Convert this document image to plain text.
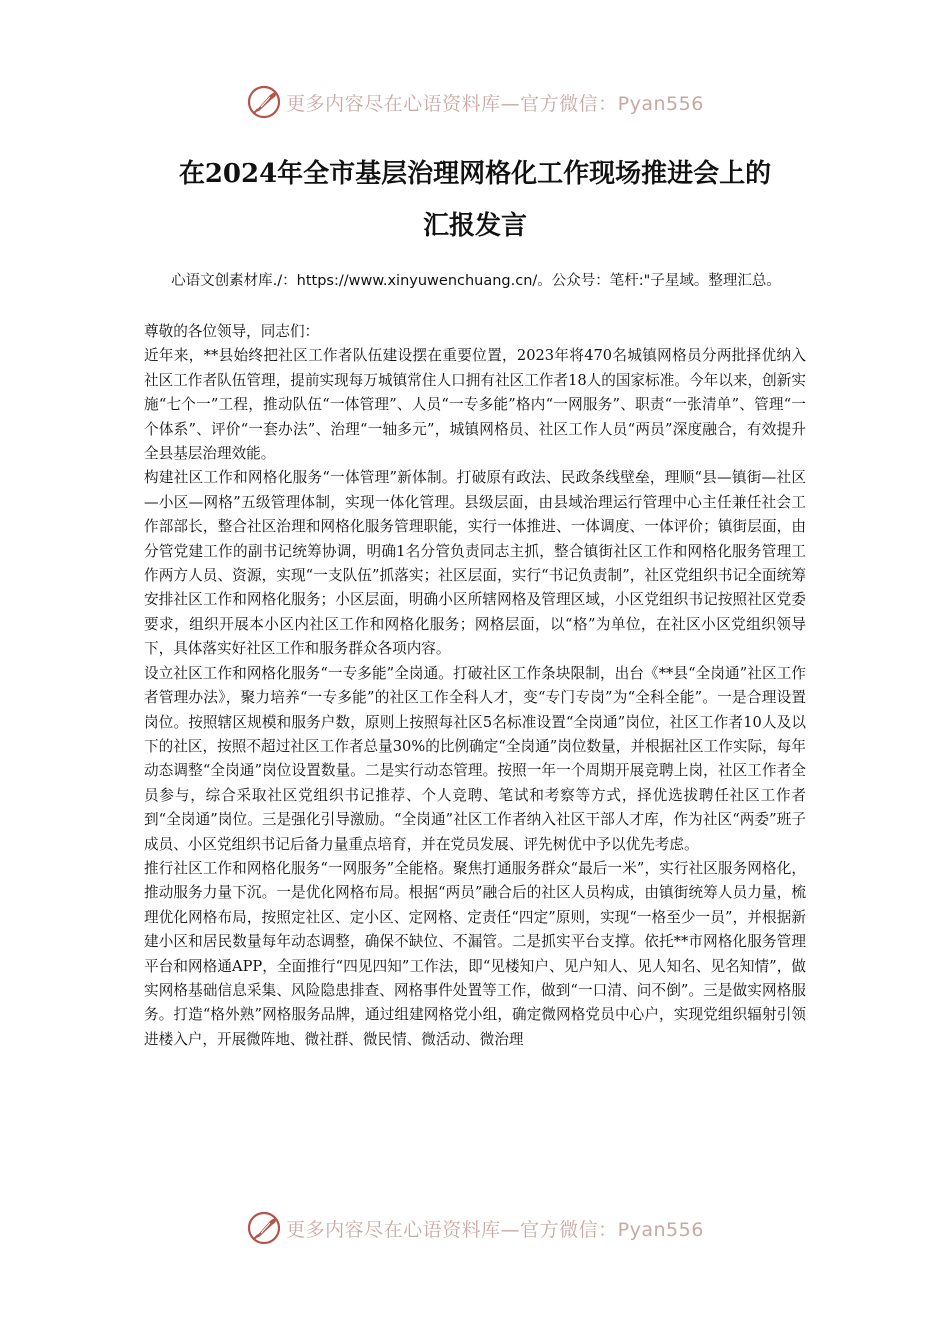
更多内容尽在心语资料库—官方微信：Pyan556
在2024年全市基层治理网格化工作现场推进会上的
汇报发言
心语文创素材库./：https://www.xinyuwenchuang.cn/。公众号：笔杆:"子星域。整理汇总。

尊敬的各位领导，同志们：

近年来，**县始终把社区工作者队伍建设摆在重要位置，2023年将470名城镇网格员分两批择优纳入社区工作者队伍管理，提前实现每万城镇常住人口拥有社区工作者18人的国家标准。今年以来，创新实施“七个一”工程，推动队伍“一体管理”、人员“一专多能”格内“一网服务”、职责“一张清单”、管理“一个体系”、评价“一套办法”、治理“一轴多元”，城镇网格员、社区工作人员“两员”深度融合，有效提升全县基层治理效能。

构建社区工作和网格化服务“一体管理”新体制。打破原有政法、民政条线壁垒，理顺“县—镇街—社区—小区—网格”五级管理体制，实现一体化管理。县级层面，由县域治理运行管理中心主任兼任社会工作部部长，整合社区治理和网格化服务管理职能，实行一体推进、一体调度、一体评价；镇街层面，由分管党建工作的副书记统筹协调，明确1名分管负责同志主抓，整合镇街社区工作和网格化服务管理工作两方人员、资源，实现“一支队伍”抓落实；社区层面，实行“书记负责制”，社区党组织书记全面统筹安排社区工作和网格化服务；小区层面，明确小区所辖网格及管理区域，小区党组织书记按照社区党委要求，组织开展本小区内社区工作和网格化服务；网格层面，以“格”为单位，在社区小区党组织领导下，具体落实好社区工作和服务群众各项内容。

设立社区工作和网格化服务“一专多能”全岗通。打破社区工作条块限制，出台《**县“全岗通”社区工作者管理办法》，聚力培养“一专多能”的社区工作全科人才，变“专门专岗”为“全科全能”。一是合理设置岗位。按照辖区规模和服务户数，原则上按照每社区5名标准设置“全岗通”岗位，社区工作者10人及以下的社区，按照不超过社区工作者总量30%的比例确定“全岗通”岗位数量，并根据社区工作实际，每年动态调整“全岗通”岗位设置数量。二是实行动态管理。按照一年一个周期开展竞聘上岗，社区工作者全员参与，综合采取社区党组织书记推荐、个人竞聘、笔试和考察等方式，择优选拔聘任社区工作者到“全岗通”岗位。三是强化引导激励。“全岗通”社区工作者纳入社区干部人才库，作为社区“两委”班子成员、小区党组织书记后备力量重点培育，并在党员发展、评先树优中予以优先考虑。

推行社区工作和网格化服务“一网服务”全能格。聚焦打通服务群众“最后一米”，实行社区服务网格化，推动服务力量下沉。一是优化网格布局。根据“两员”融合后的社区人员构成，由镇街统筹人员力量，梳理优化网格布局，按照定社区、定小区、定网格、定责任“四定”原则，实现“一格至少一员”，并根据新建小区和居民数量每年动态调整，确保不缺位、不漏管。二是抓实平台支撑。依托**市网格化服务管理平台和网格通APP，全面推行“四见四知”工作法，即“见楼知户、见户知人、见人知名、见名知情”，做实网格基础信息采集、风险隐患排查、网格事件处置等工作，做到“一口清、问不倒”。三是做实网格服务。打造“格外熟”网格服务品牌，通过组建网格党小组，确定微网格党员中心户，实现党组织辐射引领进楼入户，开展微阵地、微社群、微民情、微活动、微治理

更多内容尽在心语资料库—官方微信：Pyan556
